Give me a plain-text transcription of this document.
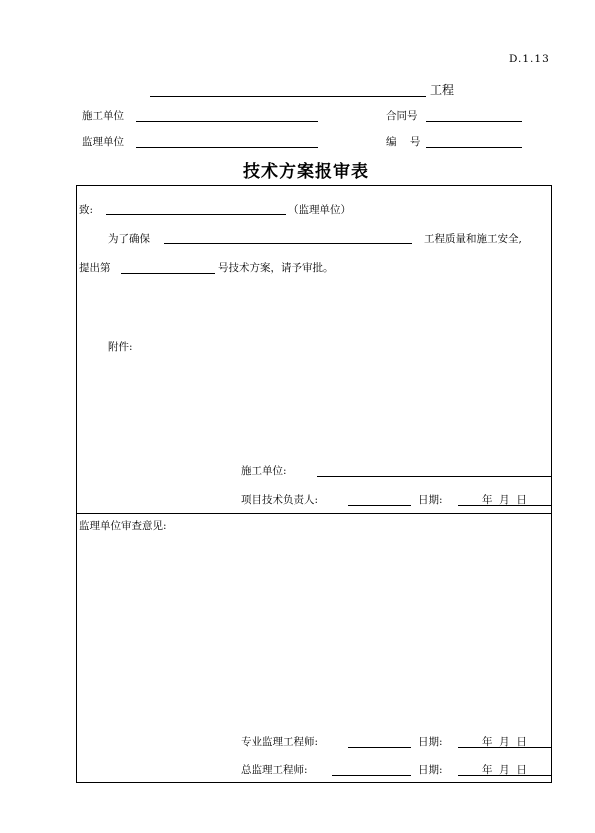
D.1.13
工程
施工单位	合同号
监理单位	编    号
技术方案报审表
致:	（监理单位）
为了确保	工程质量和施工安全,
提出第	号技术方案，请予审批。
附件:
施工单位:
项目技术负责人:	日期:	年  月  日
监理单位审查意见:
专业监理工程师:	日期:	年  月  日
总监理工程师:	日期:	年  月  日
